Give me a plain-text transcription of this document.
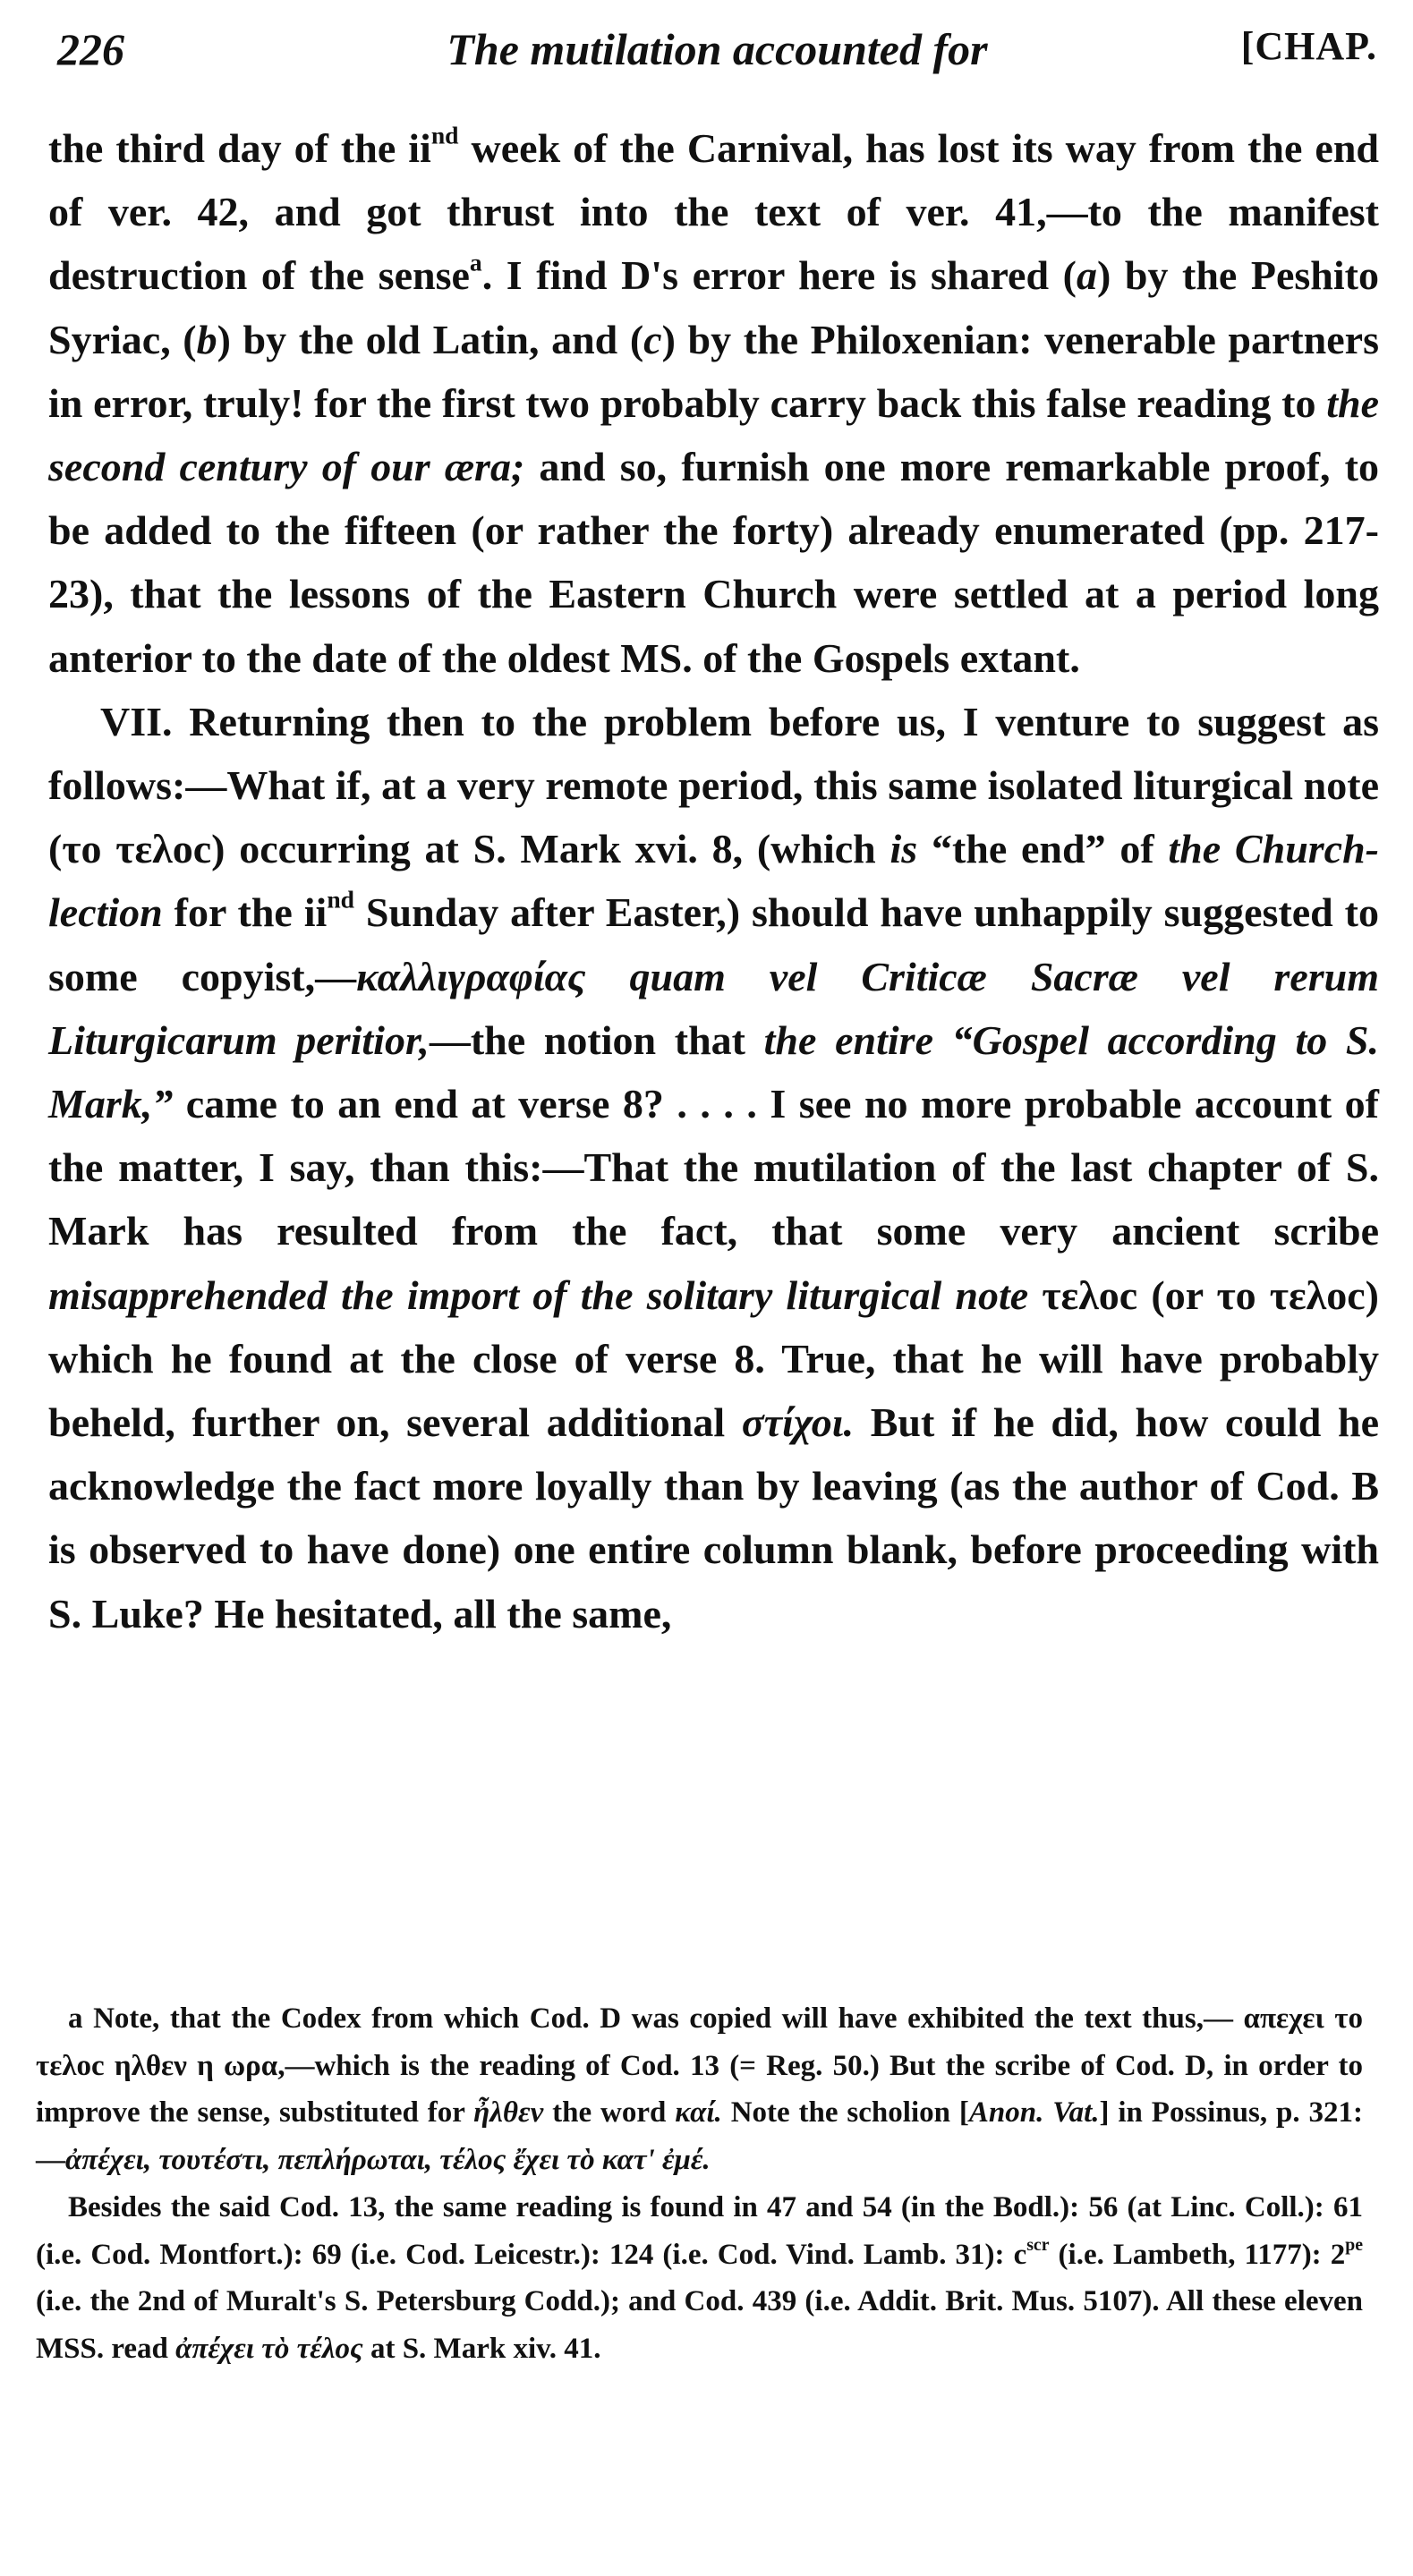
226	The mutilation accounted for	[CHAP.

the third day of the $ii^{nd}$ week of the Carnival, has lost its way from the end of ver. 42, and got thrust into the text of ver. 41,—to the manifest destruction of the sense$^a$. I find D's error here is shared (a) by the Peshito Syriac, (b) by the old Latin, and (c) by the Philoxenian: venerable partners in error, truly! for the first two probably carry back this false reading to the second century of our æra; and so, furnish one more remarkable proof, to be added to the fifteen (or rather the forty) already enumerated (pp. 217-23), that the lessons of the Eastern Church were settled at a period long anterior to the date of the oldest MS. of the Gospels extant.

VII. Returning then to the problem before us, I venture to suggest as follows:—What if, at a very remote period, this same isolated liturgical note (τo τελoc) occurring at S. Mark xvi. 8, (which is “the end” of the Church-lection for the $ii^{nd}$ Sunday after Easter,) should have unhappily suggested to some copyist,—καλλιγραφίας quam vel Criticæ Sacræ vel rerum Liturgicarum peritior,—the notion that the entire “Gospel according to S. Mark,” came to an end at verse 8? . . . . I see no more probable account of the matter, I say, than this:—That the mutilation of the last chapter of S. Mark has resulted from the fact, that some very ancient scribe misapprehended the import of the solitary liturgical note τελoc (or τo τελoc) which he found at the close of verse 8. True, that he will have probably beheld, further on, several additional στίχοι. But if he did, how could he acknowledge the fact more loyally than by leaving (as the author of Cod. B is observed to have done) one entire column blank, before proceeding with S. Luke? He hesitated, all the same,

a Note, that the Codex from which Cod. D was copied will have exhibited the text thus,— απεχει τo τελoc ηλθεν η ωρα,—which is the reading of Cod. 13 (= Reg. 50.) But the scribe of Cod. D, in order to improve the sense, substituted for ἦλθεν the word καί. Note the scholion [Anon. Vat.] in Possinus, p. 321:—ἀπέχει, τουτέστι, πεπλήρωται, τέλος ἔχει τὸ κατ' ἐμέ.

Besides the said Cod. 13, the same reading is found in 47 and 54 (in the Bodl.): 56 (at Linc. Coll.): 61 (i.e. Cod. Montfort.): 69 (i.e. Cod. Leicestr.): 124 (i.e. Cod. Vind. Lamb. 31): $c^{scr}$ (i.e. Lambeth, 1177): $2^{pe}$ (i.e. the 2nd of Muralt's S. Petersburg Codd.); and Cod. 439 (i.e. Addit. Brit. Mus. 5107). All these eleven MSS. read ἀπέχει τὸ τέλος at S. Mark xiv. 41.
